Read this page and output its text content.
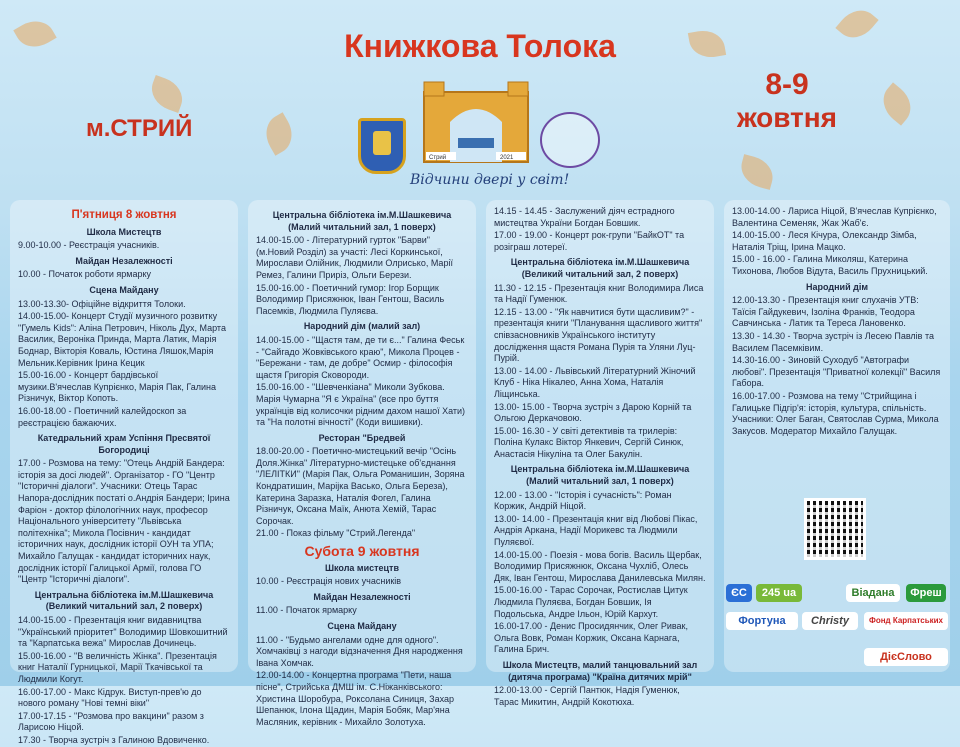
Книжкова Толока
м.СТРИЙ
8-9
жовтня
Стрий	2021
Відчини двері у світ!
П'ятниця 8 жовтня
Школа Мистецтв
9.00-10.00 - Реєстрація учасників.
Майдан Незалежності
10.00 - Початок роботи ярмарку
Сцена Майдану
13.00-13.30- Офіційне відкриття Толоки.
14.00-15.00- Концерт Студії музичного розвитку "Гумель Kids": Аліна Петрович, Ніколь Дух, Марта Василик, Вероніка Приндa, Марта Латик, Марія Боднар, Вікторія Коваль, Юстина Ляшок,Марія Мельник.Керівник Ірина Кецик
15.00-16.00 - Концерт бардівської музики.В'ячеслав Купрієнко, Марія Пак, Галина Різничук, Віктор Копоть.
16.00-18.00 - Поетичний калейдоскоп за реєстрацією бажаючих.
Катедральний храм Успіння Пресвятої Богородиці
17.00 - Розмова на тему: "Отець Андрій Бандера: історія за досі людей". Організатор - ГО "Центр "Історичні діалоги". Учасники: Отець Тарас Напора-дослідник постаті о.Андрія Бандери; Ірина Фаріон - доктор філологічних наук, професор Національного університету "Львівська політехніка"; Микола Посівнич - кандидат історичних наук, дослідник історії ОУН та УПА; Михайло Галущак - кандидат історичних наук, дослідник історії Галицької Армії, голова ГО "Центр "Історичні діалоги".
Центральна бібліотека ім.М.Шашкевича (Великий читальний зал, 2 поверх)
14.00-15.00 - Презентація книг видавництва "Український пріоритет" Володимир Шовкошитний та "Карпатська вежа" Мирослав Дочинець.
15.00-16.00 - "В величність Жінка". Презентація книг Наталії Гурницької, Марії Ткачівської та Людмили Когут.
16.00-17.00 - Макс Кідрук. Виступ-прев'ю до нового роману "Нові темні віки"
17.00-17.15 - "Розмова про вакцини" разом з Ларисою Ніцой.
17.30 - Творча зустріч з Галиною Вдовиченко.
Центральна бібліотека ім.М.Шашкевича (Малий читальний зал, 1 поверх)
14.00-15.00 - Літературний гурток "Барви" (м.Новий Розділ) за участі: Лесі Коркинської, Мирослави Олійник, Людмили Олрисько, Марії Ремез, Галини Приріз, Ольги Берези.
15.00-16.00 - Поетичний гумор: Ігор Борщик Володимир Присяжнюк, Іван Гентош, Василь Пасемків, Людмила Пуляєва.
Народний дім (малий зал)
14.00-15.00 - "Щастя там, де ти є..." Галина Феськ - "Сайгадо Жовківського краю", Микола Процев - "Бережани - там, де добре" Осмир - філософія щастя Григорія Сковороди.
15.00-16.00 - "Шевченкіана" Миколи Зубкова. Марія Чумарна "Я є Україна" (все про буття українців від колисочки рідним дахом нашої Хати) та "На полотні вічності" (Коди вишивки).
Ресторан "Бредвей
18.00-20.00 - Поетично-мистецький вечір "Осінь Доля.Жінка" Літературно-мистецьке об'єднання "ЛЕЛІТКИ" (Марія Пак, Ольга Романишин, Зоряна Кондратишин, Маріjка Васько, Ольга Береза), Катерина Заразка, Наталія Фогел, Галина Різничук, Оксана Маїк, Анюта Хемій, Тарас Сорочак.
21.00 - Показ фільму "Стрий.Легенда"
Субота 9 жовтня
Школа мистецтв
10.00 - Реєстрація нових учасників
Майдан Незалежності
11.00 - Початок ярмарку
Сцена Майдану
11.00 - "Будьмо ангелами одне для одного". Хомчаківці з нагоди відзначення Дня народження Івана Хомчак.
12.00-14.00 - Концертна програма "Пети, наша пісне", Стрийська ДМШ ім. С.Ніжанківського: Христина Шоробура, Роксолана Синиця, Захар Шепанюк, Ілона Щадин, Марія Бобяк, Мар'яна Масляник, керівник - Михайло Золотуха.
14.15 - 14.45 - Заслужений діяч естрадного мистецтва України Богдан Бовшик.
17.00 - 19.00 - Концерт рок-групи "БайкОТ" та розіграш лотереї.
Центральна бібліотека ім.М.Шашкевича (Великий читальний зал, 2 поверх)
11.30 - 12.15 - Презентація книг Володимира Лиса та Надії Гуменюк.
12.15 - 13.00 - "Як навчитися бути щасливим?" - презентація книги "Планування щасливого життя" співзасновників Українського інституту дослідження щастя Романа Пурія та Уляни Луц-Пурій.
13.00 - 14.00 - Львівський Літературний Жіночий Клуб - Ніка Нікалео, Анна Хома, Наталія Ліщинська.
13.00- 15.00 - Творча зустріч з Дарою Корній та Ольгою Деркачовою.
15.00- 16.30 - У світі детективів та трилерів: Поліна Кулакс Віктор Янкевич, Сергій Синюк, Анастасія Нікуліна та Олег Бакулін.
Центральна бібліотека ім.М.Шашкевича (Малий читальний зал, 1 поверх)
12.00 - 13.00 - "Історія і сучасність": Роман Коржик, Андрій Ніцой.
13.00- 14.00 - Презентація книг від Любові Пікас, Андрія Аркана, Надії Морикевс та Людмили Пуляєвої.
14.00-15.00 - Поезія - мова богів. Василь Щербак, Володимир Присяжнюк, Оксана Чухліб, Олесь Дяк, Іван Гентош, Мирослава Данилевська Милян.
15.00-16.00 - Тарас Сорочак, Ростислав Цитук Людмила Пуляєва, Богдан Бовшик, Ія Подольська, Андре Ільон, Юрій Кархут.
16.00-17.00 - Денис Просидянчик, Олег Ривак, Ольга Вовк, Роман Коржик, Оксана Карнага, Галина Брич.
Школа Мистецтв, малий танцювальний зал (дитяча програма) "Країна дитячих мрій"
12.00-13.00 - Сергій Пантюк, Надія Гуменюк, Тарас Микитин, Андрій Кокотюха.
13.00-14.00 - Лариса Ніцой, В'ячеслав Купрієнко, Валентина Семеняк, Жак Жаб'є.
14.00-15.00 - Леся Кічура, Олександр Зімба, Наталія Тріщ, Ірина Мацко.
15.00 - 16.00 - Галина Миколяш, Катерина Тихонова, Любов Відута, Василь Пруxницький.
Народний дім
12.00-13.30 - Презентація книг слухачів УТВ: Таїсія Гайдукевич, Ізоліна Франків, Теодора Савчинська - Латик та Тереса Лановенко.
13.30 - 14.30 - Творча зустріч із Лесею Павлів та Василем Пасемківим.
14.30-16.00 - Зиновій Суходуб "Автографи любові". Презентація "Приватної колекції" Василя Габора.
16.00-17.00 - Розмова на тему "Стрийщина і Галицьке Підгір'я: історія, культура, спільність. Учасники: Олег Баган, Святослав Сурма, Микола Закусов. Модератор Михайло Галущак.
ЄС	245 ua	Віадана	Фреш
Фортуна	Christy	Фонд Карпатських
ДієСлово
